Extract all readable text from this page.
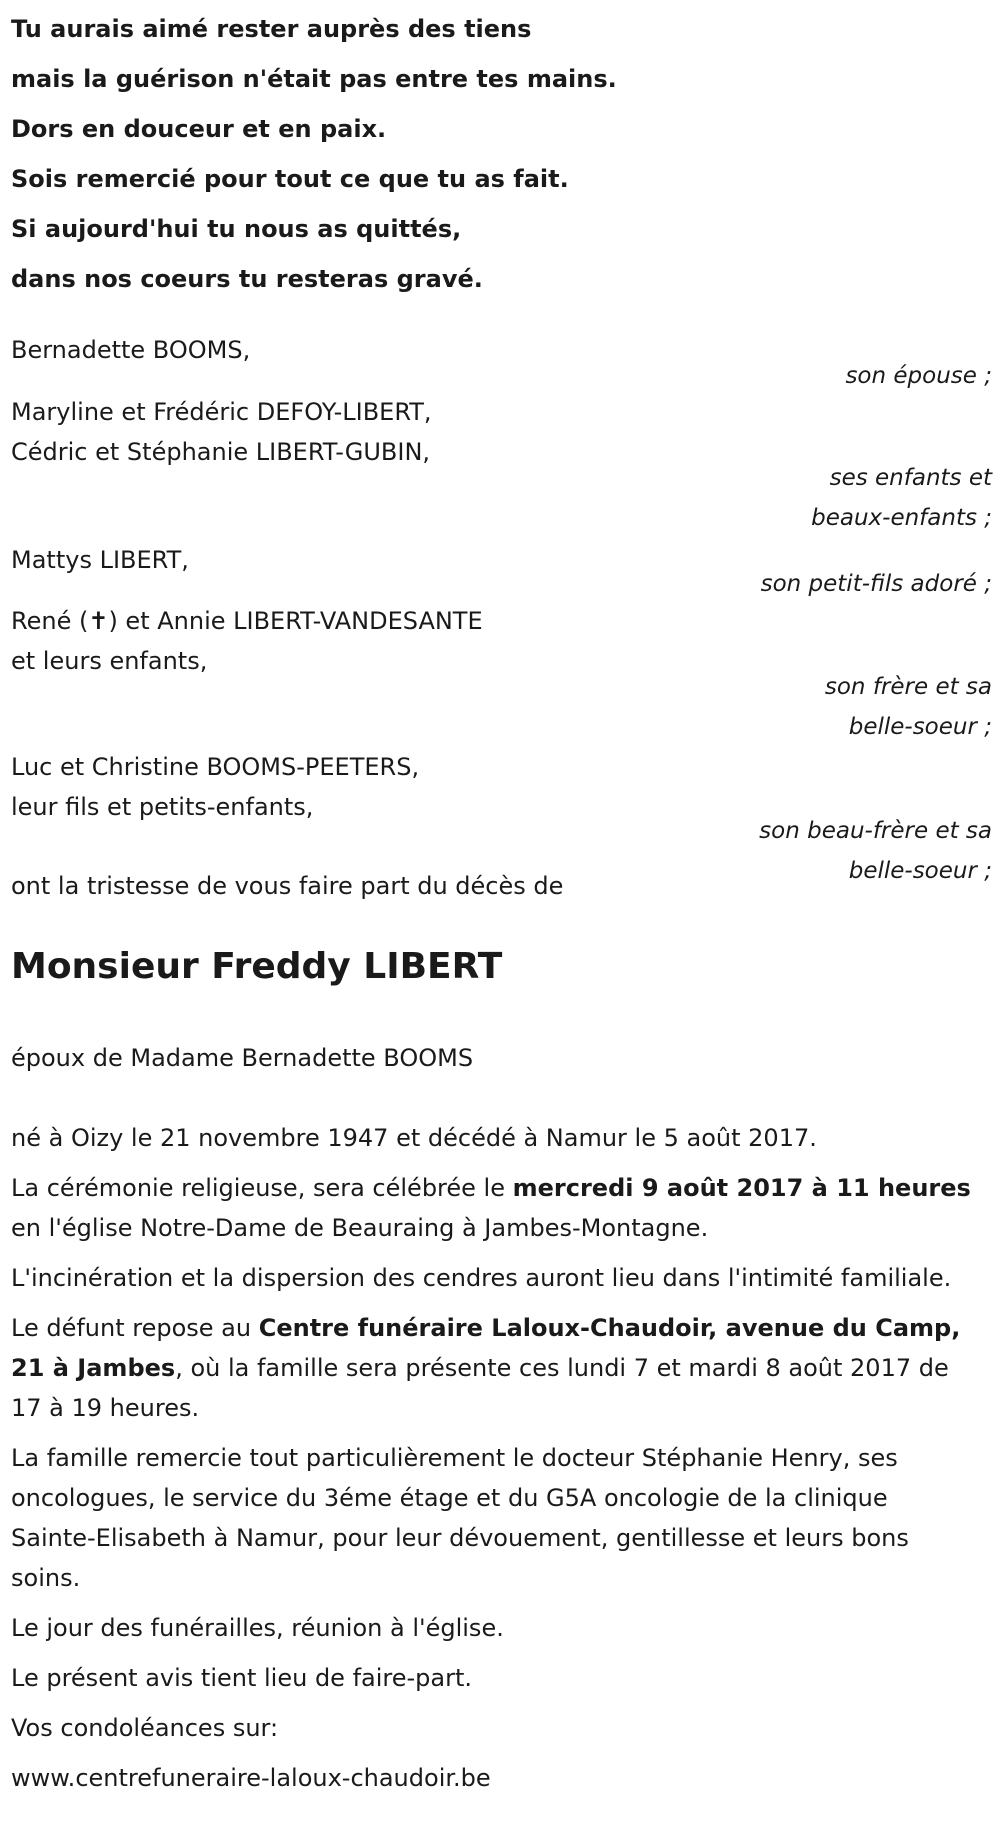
Tu aurais aimé rester auprès des tiens

mais la guérison n'était pas entre tes mains.

Dors en douceur et en paix.

Sois remercié pour tout ce que tu as fait.

Si aujourd'hui tu nous as quittés,

dans nos coeurs tu resteras gravé.

Bernadette BOOMS,

son épouse ;

Maryline et Frédéric DEFOY-LIBERT,

Cédric et Stéphanie LIBERT-GUBIN,

ses enfants et

beaux-enfants ;

Mattys LIBERT,

son petit-fils adoré ;

René (✝) et Annie LIBERT-VANDESANTE

et leurs enfants,

son frère et sa

belle-soeur ;

Luc et Christine BOOMS-PEETERS,

leur fils et petits-enfants,

son beau-frère et sa

belle-soeur ;

ont la tristesse de vous faire part du décès de

Monsieur Freddy LIBERT

époux de Madame Bernadette BOOMS

né à Oizy le 21 novembre 1947 et décédé à Namur le 5 août 2017.

La cérémonie religieuse, sera célébrée le mercredi 9 août 2017 à 11 heures en l'église Notre-Dame de Beauraing à Jambes-Montagne.

L'incinération et la dispersion des cendres auront lieu dans l'intimité familiale.

Le défunt repose au Centre funéraire Laloux-Chaudoir, avenue du Camp, 21 à Jambes, où la famille sera présente ces lundi 7 et mardi 8 août 2017 de 17 à 19 heures.

La famille remercie tout particulièrement le docteur Stéphanie Henry, ses oncologues, le service du 3éme étage et du G5A oncologie de la clinique Sainte-Elisabeth à Namur, pour leur dévouement, gentillesse et leurs bons soins.

Le jour des funérailles, réunion à l'église.

Le présent avis tient lieu de faire-part.

Vos condoléances sur:

www.centrefuneraire-laloux-chaudoir.be
